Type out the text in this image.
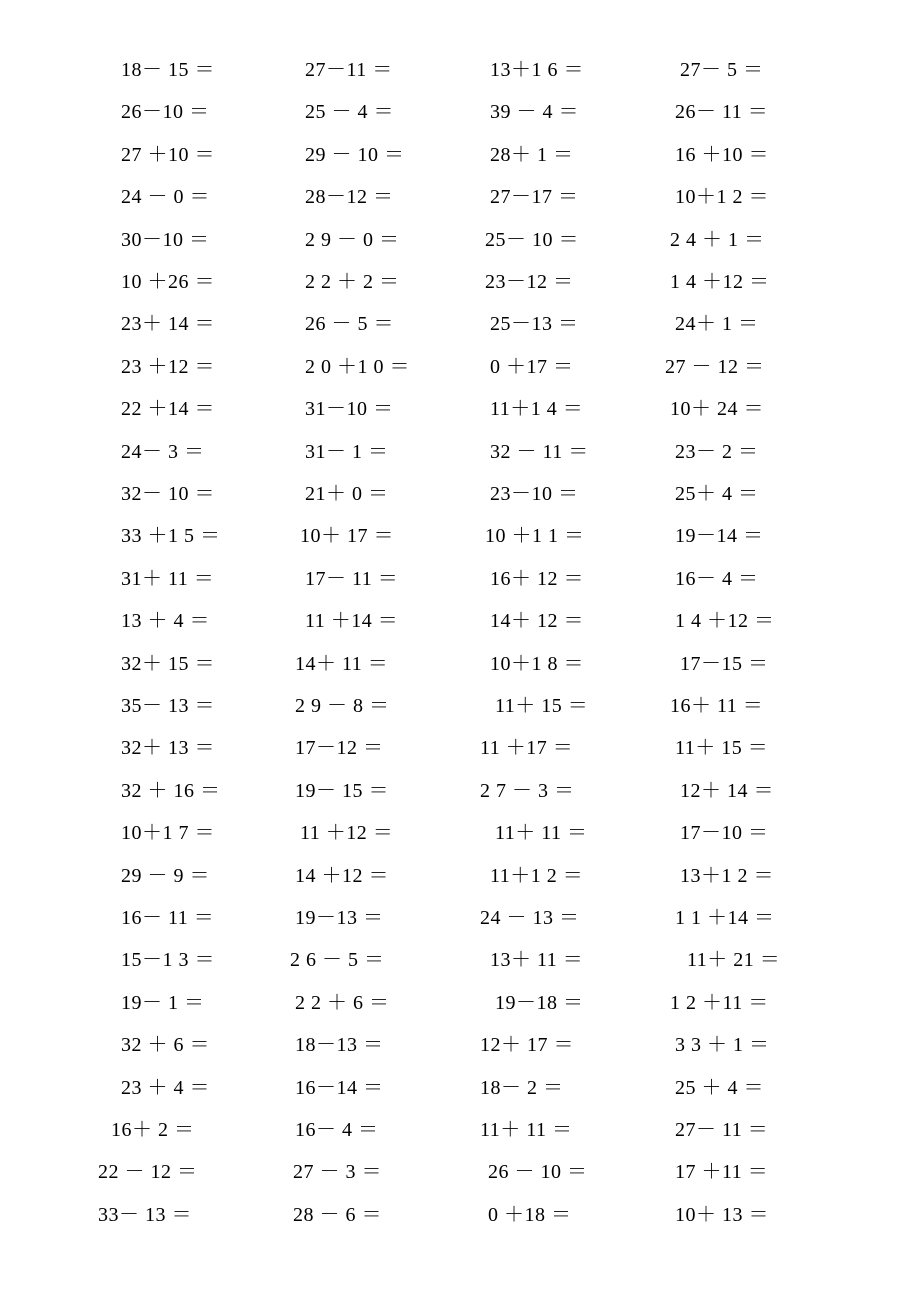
18－ 15 ＝	27－11 ＝	13＋1 6 ＝	27－ 5 ＝
26－10 ＝	25 － 4 ＝	39 － 4 ＝	26－ 11 ＝
27 ＋10 ＝	29 － 10 ＝	28＋ 1 ＝	16 ＋10 ＝
24 － 0 ＝	28－12 ＝	27－17 ＝	10＋1 2 ＝
30－10 ＝	2 9 － 0 ＝	25－ 10 ＝	2 4 ＋ 1 ＝
10 ＋26 ＝	2 2 ＋ 2 ＝	23－12 ＝	1 4 ＋12 ＝
23＋ 14 ＝	26 － 5 ＝	25－13 ＝	24＋ 1 ＝
23 ＋12 ＝	2 0 ＋1 0 ＝	0 ＋17 ＝	27 － 12 ＝
22 ＋14 ＝	31－10 ＝	11＋1 4 ＝	10＋ 24 ＝
24－ 3 ＝	31－ 1 ＝	32 － 11 ＝	23－ 2 ＝
32－ 10 ＝	21＋ 0 ＝	23－10 ＝	25＋ 4 ＝
33 ＋1 5 ＝	10＋ 17 ＝	10 ＋1 1 ＝	19－14 ＝
31＋ 11 ＝	17－ 11 ＝	16＋ 12 ＝	16－ 4 ＝
13 ＋ 4 ＝	11 ＋14 ＝	14＋ 12 ＝	1 4 ＋12 ＝
32＋ 15 ＝	14＋ 11 ＝	10＋1 8 ＝	17－15 ＝
35－ 13 ＝	2 9 － 8 ＝	11＋ 15 ＝	16＋ 11 ＝
32＋ 13 ＝	17－12 ＝	11 ＋17 ＝	11＋ 15 ＝
32 ＋ 16 ＝	19－ 15 ＝	2 7 － 3 ＝	12＋ 14 ＝
10＋1 7 ＝	11 ＋12 ＝	11＋ 11 ＝	17－10 ＝
29 － 9 ＝	14 ＋12 ＝	11＋1 2 ＝	13＋1 2 ＝
16－ 11 ＝	19－13 ＝	24 － 13 ＝	1 1 ＋14 ＝
15－1 3 ＝	2 6 － 5 ＝	13＋ 11 ＝	11＋ 21 ＝
19－ 1 ＝	2 2 ＋ 6 ＝	19－18 ＝	1 2 ＋11 ＝
32 ＋ 6 ＝	18－13 ＝	12＋ 17 ＝	3 3 ＋ 1 ＝
23 ＋ 4 ＝	16－14 ＝	18－ 2 ＝	25 ＋ 4 ＝
16＋ 2 ＝	16－ 4 ＝	11＋ 11 ＝	27－ 11 ＝
22 － 12 ＝	27 － 3 ＝	26 － 10 ＝	17 ＋11 ＝
33－ 13 ＝	28 － 6 ＝	0 ＋18 ＝	10＋ 13 ＝
